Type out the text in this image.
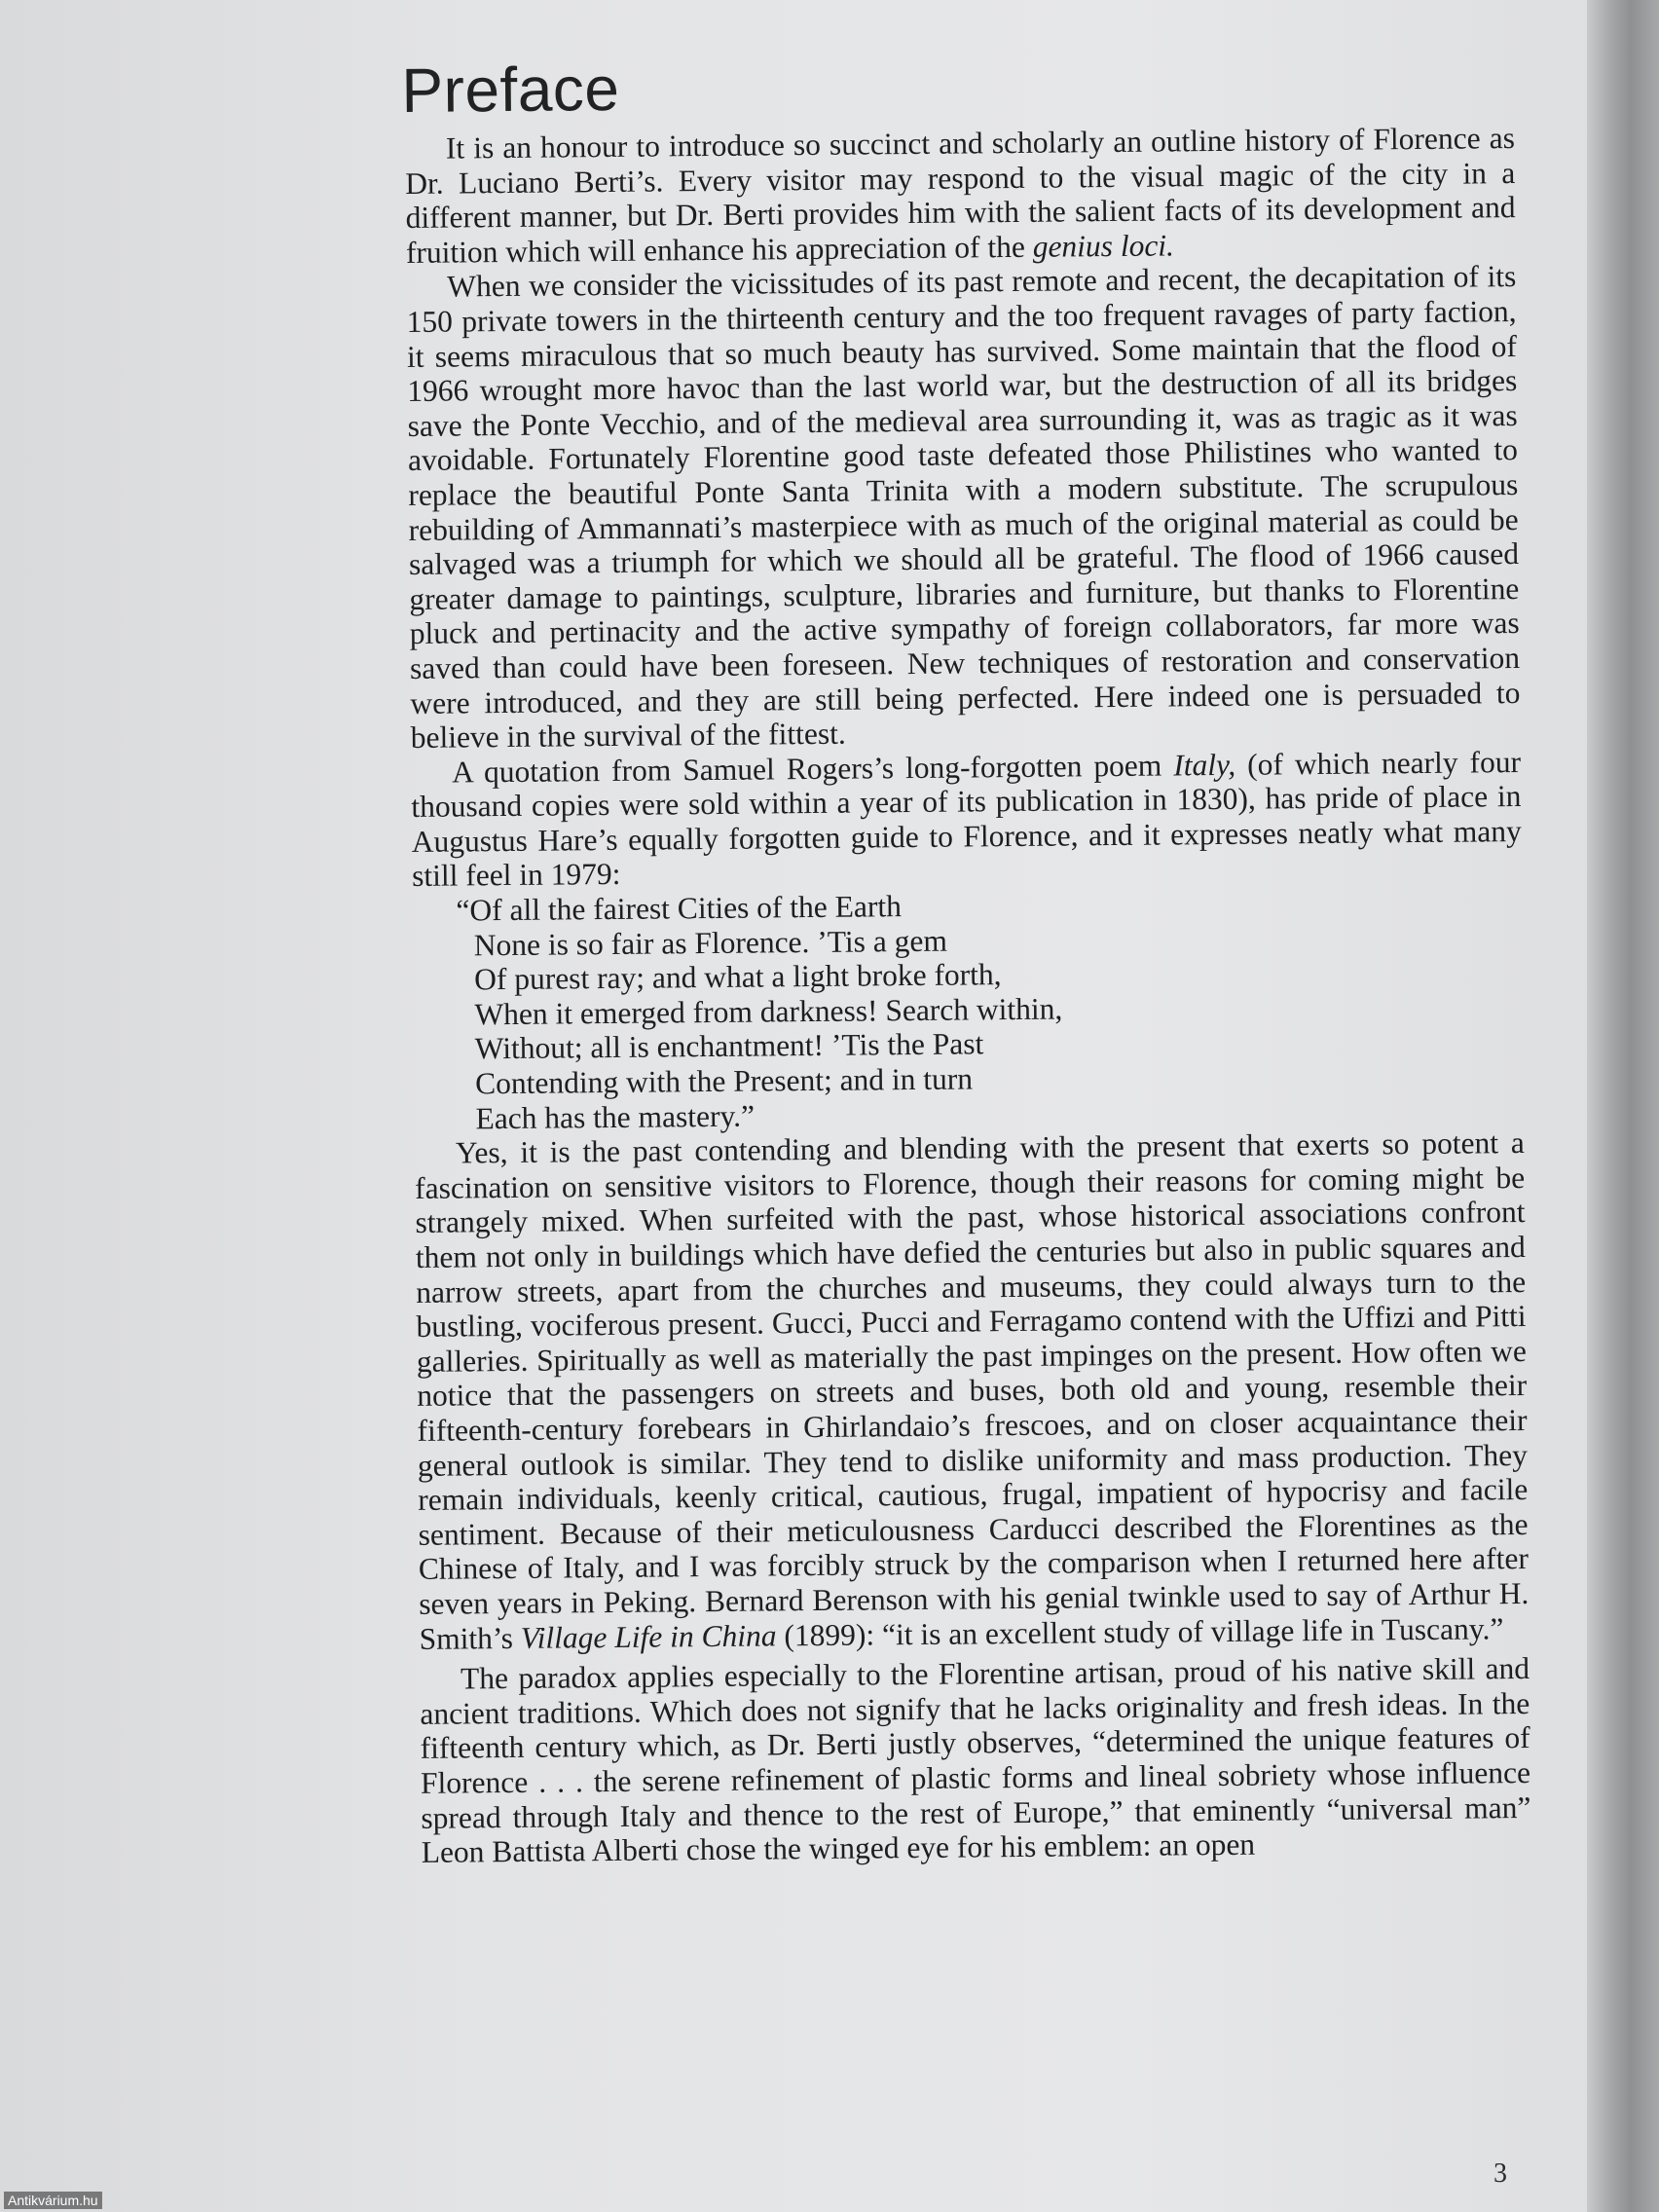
Preface

It is an honour to introduce so succinct and scholarly an outline history of Florence as Dr. Luciano Berti’s. Every visitor may respond to the visual magic of the city in a different manner, but Dr. Berti provides him with the salient facts of its development and fruition which will enhance his appreciation of the genius loci.

When we consider the vicissitudes of its past remote and recent, the decapitation of its 150 private towers in the thirteenth century and the too frequent ravages of party faction, it seems miraculous that so much beauty has survived. Some maintain that the flood of 1966 wrought more havoc than the last world war, but the destruction of all its bridges save the Ponte Vecchio, and of the medieval area surrounding it, was as tragic as it was avoidable. Fortunately Florentine good taste defeated those Philistines who wanted to replace the beautiful Ponte Santa Trinita with a modern substitute. The scrupulous rebuilding of Ammannati’s masterpiece with as much of the original material as could be salvaged was a triumph for which we should all be grateful. The flood of 1966 caused greater damage to paintings, sculpture, libraries and furniture, but thanks to Florentine pluck and pertinacity and the active sympathy of foreign collaborators, far more was saved than could have been foreseen. New techniques of restoration and conservation were introduced, and they are still being perfected. Here indeed one is persuaded to believe in the survival of the fittest.

A quotation from Samuel Rogers’s long-forgotten poem Italy, (of which nearly four thousand copies were sold within a year of its publication in 1830), has pride of place in Augustus Hare’s equally forgotten guide to Florence, and it expresses neatly what many still feel in 1979:

“Of all the fairest Cities of the Earth
None is so fair as Florence. ’Tis a gem
Of purest ray; and what a light broke forth,
When it emerged from darkness! Search within,
Without; all is enchantment! ’Tis the Past
Contending with the Present; and in turn
Each has the mastery.”

Yes, it is the past contending and blending with the present that exerts so potent a fascination on sensitive visitors to Florence, though their reasons for coming might be strangely mixed. When surfeited with the past, whose historical associations confront them not only in buildings which have defied the centuries but also in public squares and narrow streets, apart from the churches and museums, they could always turn to the bustling, vociferous present. Gucci, Pucci and Ferragamo contend with the Uffizi and Pitti galleries. Spiritually as well as materially the past impinges on the present. How often we notice that the passengers on streets and buses, both old and young, resemble their fifteenth-century forebears in Ghirlandaio’s frescoes, and on closer acquaintance their general outlook is similar. They tend to dislike uniformity and mass production. They remain individuals, keenly critical, cautious, frugal, impatient of hypocrisy and facile sentiment. Because of their meticulousness Carducci described the Florentines as the Chinese of Italy, and I was forcibly struck by the comparison when I returned here after seven years in Peking. Bernard Berenson with his genial twinkle used to say of Arthur H. Smith’s Village Life in China (1899): “it is an excellent study of village life in Tuscany.”

The paradox applies especially to the Florentine artisan, proud of his native skill and ancient traditions. Which does not signify that he lacks originality and fresh ideas. In the fifteenth century which, as Dr. Berti justly observes, “determined the unique features of Florence . . . the serene refinement of plastic forms and lineal sobriety whose influence spread through Italy and thence to the rest of Europe,” that eminently “universal man” Leon Battista Alberti chose the winged eye for his emblem: an open

3
Antikvárium.hu
